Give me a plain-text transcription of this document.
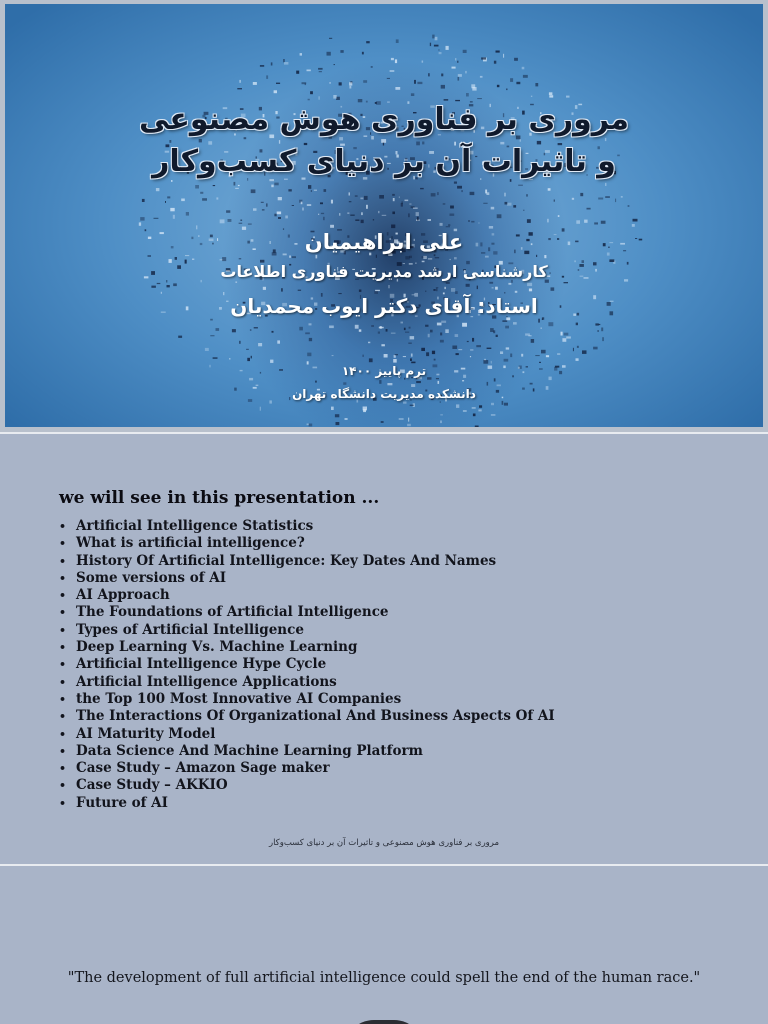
مروری بر فناوری هوش مصنوعی
و تاثیرات آن بر دنیای کسب‌وکار
علی ابراهیمیان
کارشناسی ارشد مدیریت فناوری اطلاعات
استاد: آقای دکتر ایوب محمدیان
ترم پاییز ۱۴۰۰
دانشکده مدیریت دانشگاه تهران
we will see in this presentation ...
• Artificial Intelligence Statistics
• What is artificial intelligence?
• History Of Artificial Intelligence: Key Dates And Names
• Some versions of AI
• AI Approach
• The Foundations of Artificial Intelligence
• Types of Artificial Intelligence
• Deep Learning Vs. Machine Learning
• Artificial Intelligence Hype Cycle
• Artificial Intelligence Applications
• the Top 100 Most Innovative AI Companies
• The Interactions Of Organizational And Business Aspects Of AI
• AI Maturity Model
• Data Science And Machine Learning Platform
• Case Study – Amazon Sage maker
• Case Study – AKKIO
• Future of AI
مروری بر فناوری هوش مصنوعی و تاثیرات آن بر دنیای کسب‌وکار
"The development of full artificial intelligence could spell the end of the human race."
